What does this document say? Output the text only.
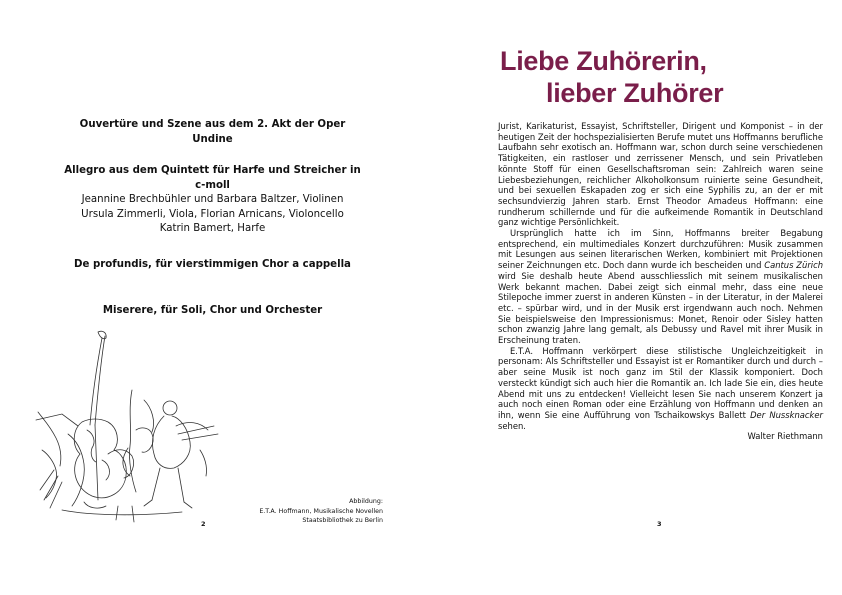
Ouvertüre und Szene aus dem 2. Akt der Oper Undine
Allegro aus dem Quintett für Harfe und Streicher in c-moll
Jeannine Brechbühler und Barbara Baltzer, Violinen
Ursula Zimmerli, Viola, Florian Arnicans, Violoncello
Katrin Bamert, Harfe
De profundis, für vierstimmigen Chor a cappella
Miserere, für Soli, Chor und Orchester
Abbildung:
E.T.A. Hoffmann, Musikalische Novellen
Staatsbibliothek zu Berlin
2
Liebe Zuhörerin,
lieber Zuhörer

Jurist, Karikaturist, Essayist, Schriftsteller, Dirigent und Komponist – in der heutigen Zeit der hochspezialisierten Berufe mutet uns Hoffmanns berufliche Laufbahn sehr exotisch an. Hoffmann war, schon durch seine verschiedenen Tätigkeiten, ein rastloser und zerrissener Mensch, und sein Privatleben könnte Stoff für einen Gesellschaftsroman sein: Zahlreich waren seine Liebesbeziehungen, reichlicher Alkoholkonsum ruinierte seine Gesundheit, und bei sexuellen Eskapaden zog er sich eine Syphilis zu, an der er mit sechsundvierzig Jahren starb. Ernst Theodor Amadeus Hoffmann: eine rundherum schillernde und für die aufkeimende Romantik in Deutschland ganz wichtige Persönlichkeit.

Ursprünglich hatte ich im Sinn, Hoffmanns breiter Begabung entsprechend, ein multimediales Konzert durchzuführen: Musik zusammen mit Lesungen aus seinen literarischen Werken, kombiniert mit Projektionen seiner Zeichnungen etc. Doch dann wurde ich bescheiden und Cantus Zürich wird Sie deshalb heute Abend ausschliesslich mit seinem musikalischen Werk bekannt machen. Dabei zeigt sich einmal mehr, dass eine neue Stilepoche immer zuerst in anderen Künsten – in der Literatur, in der Malerei etc. – spürbar wird, und in der Musik erst irgendwann auch noch. Nehmen Sie beispielsweise den Impressionismus: Monet, Renoir oder Sisley hatten schon zwanzig Jahre lang gemalt, als Debussy und Ravel mit ihrer Musik in Erscheinung traten.

E.T.A. Hoffmann verkörpert diese stilistische Ungleichzeitigkeit in personam: Als Schriftsteller und Essayist ist er Romantiker durch und durch – aber seine Musik ist noch ganz im Stil der Klassik komponiert. Doch versteckt kündigt sich auch hier die Romantik an. Ich lade Sie ein, dies heute Abend mit uns zu entdecken! Vielleicht lesen Sie nach unserem Konzert ja auch noch einen Roman oder eine Erzählung von Hoffmann und denken an ihn, wenn Sie eine Aufführung von Tschaikowskys Ballett Der Nussknacker sehen.

Walter Riethmann

3
